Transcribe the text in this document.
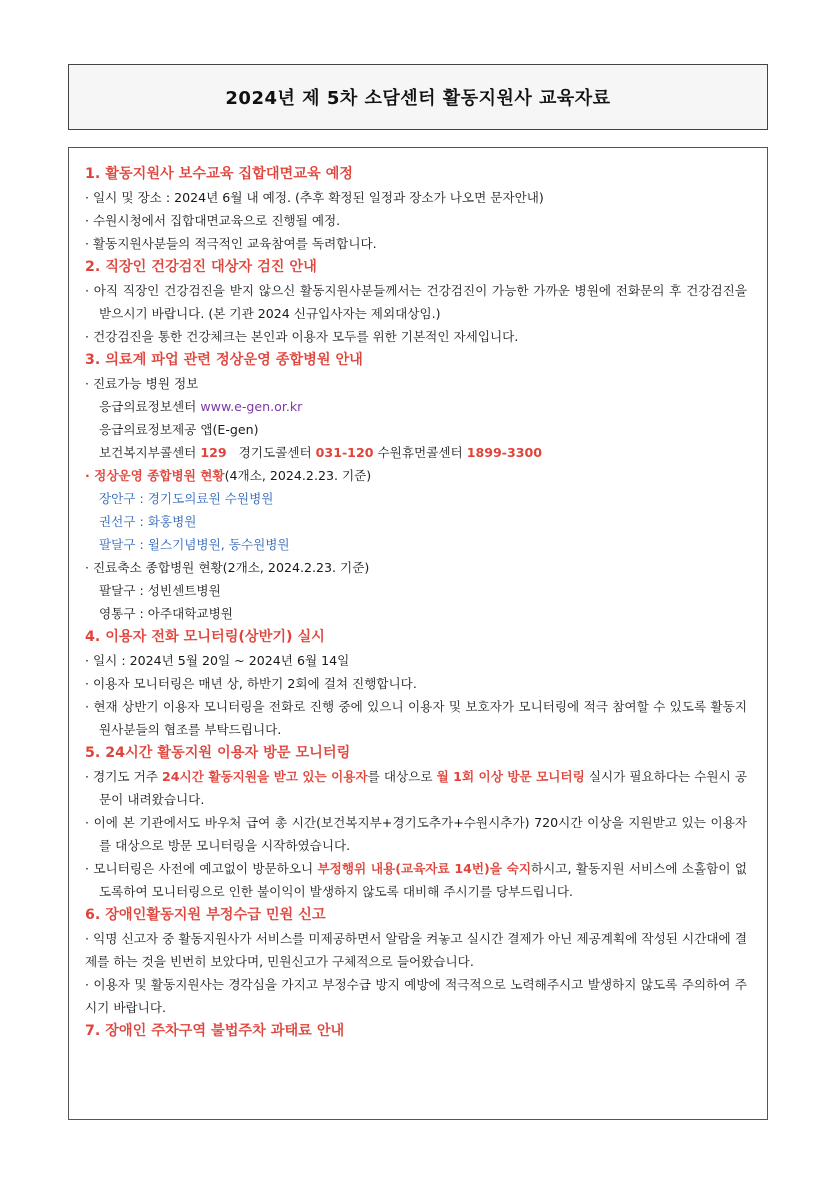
2024년 제 5차 소담센터 활동지원사 교육자료
1. 활동지원사 보수교육 집합대면교육 예정
· 일시 및 장소 : 2024년 6월 내 예정. (추후 확정된 일정과 장소가 나오면 문자안내)
· 수원시청에서 집합대면교육으로 진행될 예정.
· 활동지원사분들의 적극적인 교육참여를 독려합니다.
2. 직장인 건강검진 대상자 검진 안내
· 아직 직장인 건강검진을 받지 않으신 활동지원사분들께서는 건강검진이 가능한 가까운 병원에 전화문의 후 건강검진을 받으시기 바랍니다. (본 기관 2024 신규입사자는 제외대상임.)
· 건강검진을 통한 건강체크는 본인과 이용자 모두를 위한 기본적인 자세입니다.
3. 의료계 파업 관련 정상운영 종합병원 안내
· 진료가능 병원 정보
응급의료정보센터 www.e-gen.or.kr
응급의료정보제공 앱(E-gen)
보건복지부콜센터 129 경기도콜센터 031-120 수원휴먼콜센터 1899-3300
· 정상운영 종합병원 현황(4개소, 2024.2.23. 기준)
장안구 : 경기도의료원 수원병원
권선구 : 화홍병원
팔달구 : 윌스기념병원, 동수원병원
· 진료축소 종합병원 현황(2개소, 2024.2.23. 기준)
팔달구 : 성빈센트병원
영통구 : 아주대학교병원
4. 이용자 전화 모니터링(상반기) 실시
· 일시 : 2024년 5월 20일 ~ 2024년 6월 14일
· 이용자 모니터링은 매년 상, 하반기 2회에 걸쳐 진행합니다.
· 현재 상반기 이용자 모니터링을 전화로 진행 중에 있으니 이용자 및 보호자가 모니터링에 적극 참여할 수 있도록 활동지원사분들의 협조를 부탁드립니다.
5. 24시간 활동지원 이용자 방문 모니터링
· 경기도 거주 24시간 활동지원을 받고 있는 이용자를 대상으로 월 1회 이상 방문 모니터링 실시가 필요하다는 수원시 공문이 내려왔습니다.
· 이에 본 기관에서도 바우처 급여 총 시간(보건복지부+경기도추가+수원시추가) 720시간 이상을 지원받고 있는 이용자를 대상으로 방문 모니터링을 시작하였습니다.
· 모니터링은 사전에 예고없이 방문하오니 부정행위 내용(교육자료 14번)을 숙지하시고, 활동지원 서비스에 소홀함이 없도록하여 모니터링으로 인한 불이익이 발생하지 않도록 대비해 주시기를 당부드립니다.
6. 장애인활동지원 부정수급 민원 신고
· 익명 신고자 중 활동지원사가 서비스를 미제공하면서 알람을 켜놓고 실시간 결제가 아닌 제공계획에 작성된 시간대에 결제를 하는 것을 빈번히 보았다며, 민원신고가 구체적으로 들어왔습니다.
· 이용자 및 활동지원사는 경각심을 가지고 부정수급 방지 예방에 적극적으로 노력해주시고 발생하지 않도록 주의하여 주시기 바랍니다.
7. 장애인 주차구역 불법주차 과태료 안내
